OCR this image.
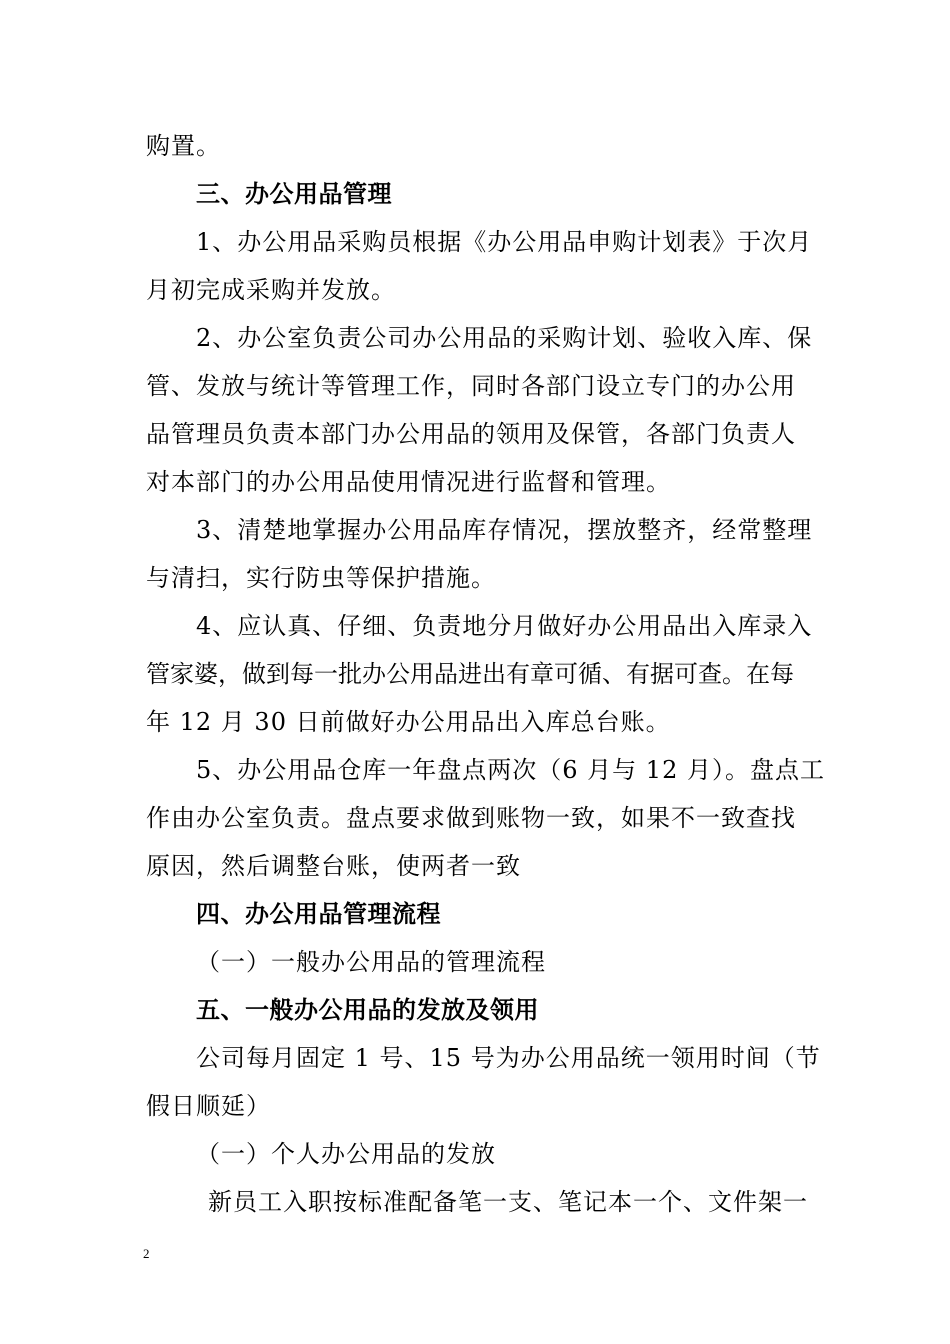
购置。
三、办公用品管理
1、办公用品采购员根据《办公用品申购计划表》于次月
月初完成采购并发放。
2、办公室负责公司办公用品的采购计划、验收入库、保
管、发放与统计等管理工作，同时各部门设立专门的办公用
品管理员负责本部门办公用品的领用及保管，各部门负责人
对本部门的办公用品使用情况进行监督和管理。
3、清楚地掌握办公用品库存情况，摆放整齐，经常整理
与清扫，实行防虫等保护措施。
4、应认真、仔细、负责地分月做好办公用品出入库录入
管家婆，做到每一批办公用品进出有章可循、有据可查。在每
年 12 月 30 日前做好办公用品出入库总台账。
5、办公用品仓库一年盘点两次（6 月与 12 月）。盘点工
作由办公室负责。盘点要求做到账物一致，如果不一致查找
原因，然后调整台账，使两者一致
四、办公用品管理流程
（一）一般办公用品的管理流程
五、一般办公用品的发放及领用
公司每月固定 1 号、15 号为办公用品统一领用时间（节
假日顺延）
（一）个人办公用品的发放
新员工入职按标准配备笔一支、笔记本一个、文件架一
2
